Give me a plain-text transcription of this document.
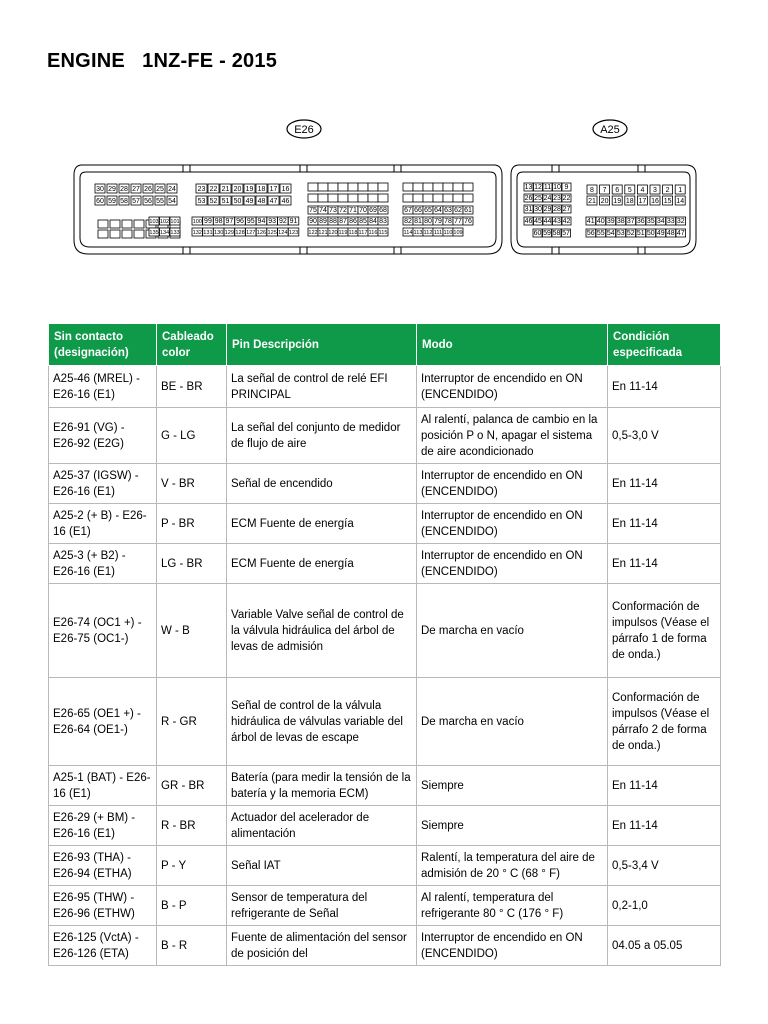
ENGINE   1NZ-FE - 2015
E26	A25
30 29 28 27 26 25 24
60 59 58 57 56 55 54
103 102 101
135 134 133
23 22 21 20 19 18 17 16
53 52 51 50 49 48 47 46
100 99 98 97 96 95 94 93 92 91
132 131 130 129 128 127 126 125 124 123
75 74 73 72 71 70 69 68
90 89 88 87 86 85 84 83
122 121 120 119 118 117 116 115
67 66 65 64 63 62 61
82 81 80 79 78 77 76
114 113 112 111 110 109
13 12 11 10 9
26 25 24 23 22
31 30 29 28 27
46 45 44 43 42
60 59 58 57
8 7 6 5 4 3 2 1
21 20 19 18 17 16 15 14
41 40 39 38 37 36 35 34 33 32
56 55 54 53 52 51 50 49 48 47
Sin contacto (designación)	Cableado color	Pin Descripción	Modo	Condición especificada
A25-46 (MREL) - E26-16 (E1)	BE - BR	La señal de control de relé EFI PRINCIPAL	Interruptor de encendido en ON (ENCENDIDO)	En 11-14
E26-91 (VG) - E26-92 (E2G)	G - LG	La señal del conjunto de medidor de flujo de aire	Al ralentí, palanca de cambio en la posición P o N, apagar el sistema de aire acondicionado	0,5-3,0 V
A25-37 (IGSW) - E26-16 (E1)	V - BR	Señal de encendido	Interruptor de encendido en ON (ENCENDIDO)	En 11-14
A25-2 (+ B) - E26-16 (E1)	P - BR	ECM Fuente de energía	Interruptor de encendido en ON (ENCENDIDO)	En 11-14
A25-3 (+ B2) - E26-16 (E1)	LG - BR	ECM Fuente de energía	Interruptor de encendido en ON (ENCENDIDO)	En 11-14
E26-74 (OC1 +) - E26-75 (OC1-)	W - B	Variable Valve señal de control de la válvula hidráulica del árbol de levas de admisión	De marcha en vacío	Conformación de impulsos (Véase el párrafo 1 de forma de onda.)
E26-65 (OE1 +) - E26-64 (OE1-)	R - GR	Señal de control de la válvula hidráulica de válvulas variable del árbol de levas de escape	De marcha en vacío	Conformación de impulsos (Véase el párrafo 2 de forma de onda.)
A25-1 (BAT) - E26-16 (E1)	GR - BR	Batería (para medir la tensión de la batería y la memoria ECM)	Siempre	En 11-14
E26-29 (+ BM) - E26-16 (E1)	R - BR	Actuador del acelerador de alimentación	Siempre	En 11-14
E26-93 (THA) - E26-94 (ETHA)	P - Y	Señal IAT	Ralentí, la temperatura del aire de admisión de 20 ° C (68 ° F)	0,5-3,4 V
E26-95 (THW) - E26-96 (ETHW)	B - P	Sensor de temperatura del refrigerante de Señal	Al ralentí, temperatura del refrigerante 80 ° C (176 ° F)	0,2-1,0
E26-125 (VctA) - E26-126 (ETA)	B - R	Fuente de alimentación del sensor de posición del	Interruptor de encendido en ON (ENCENDIDO)	04.05 a 05.05
